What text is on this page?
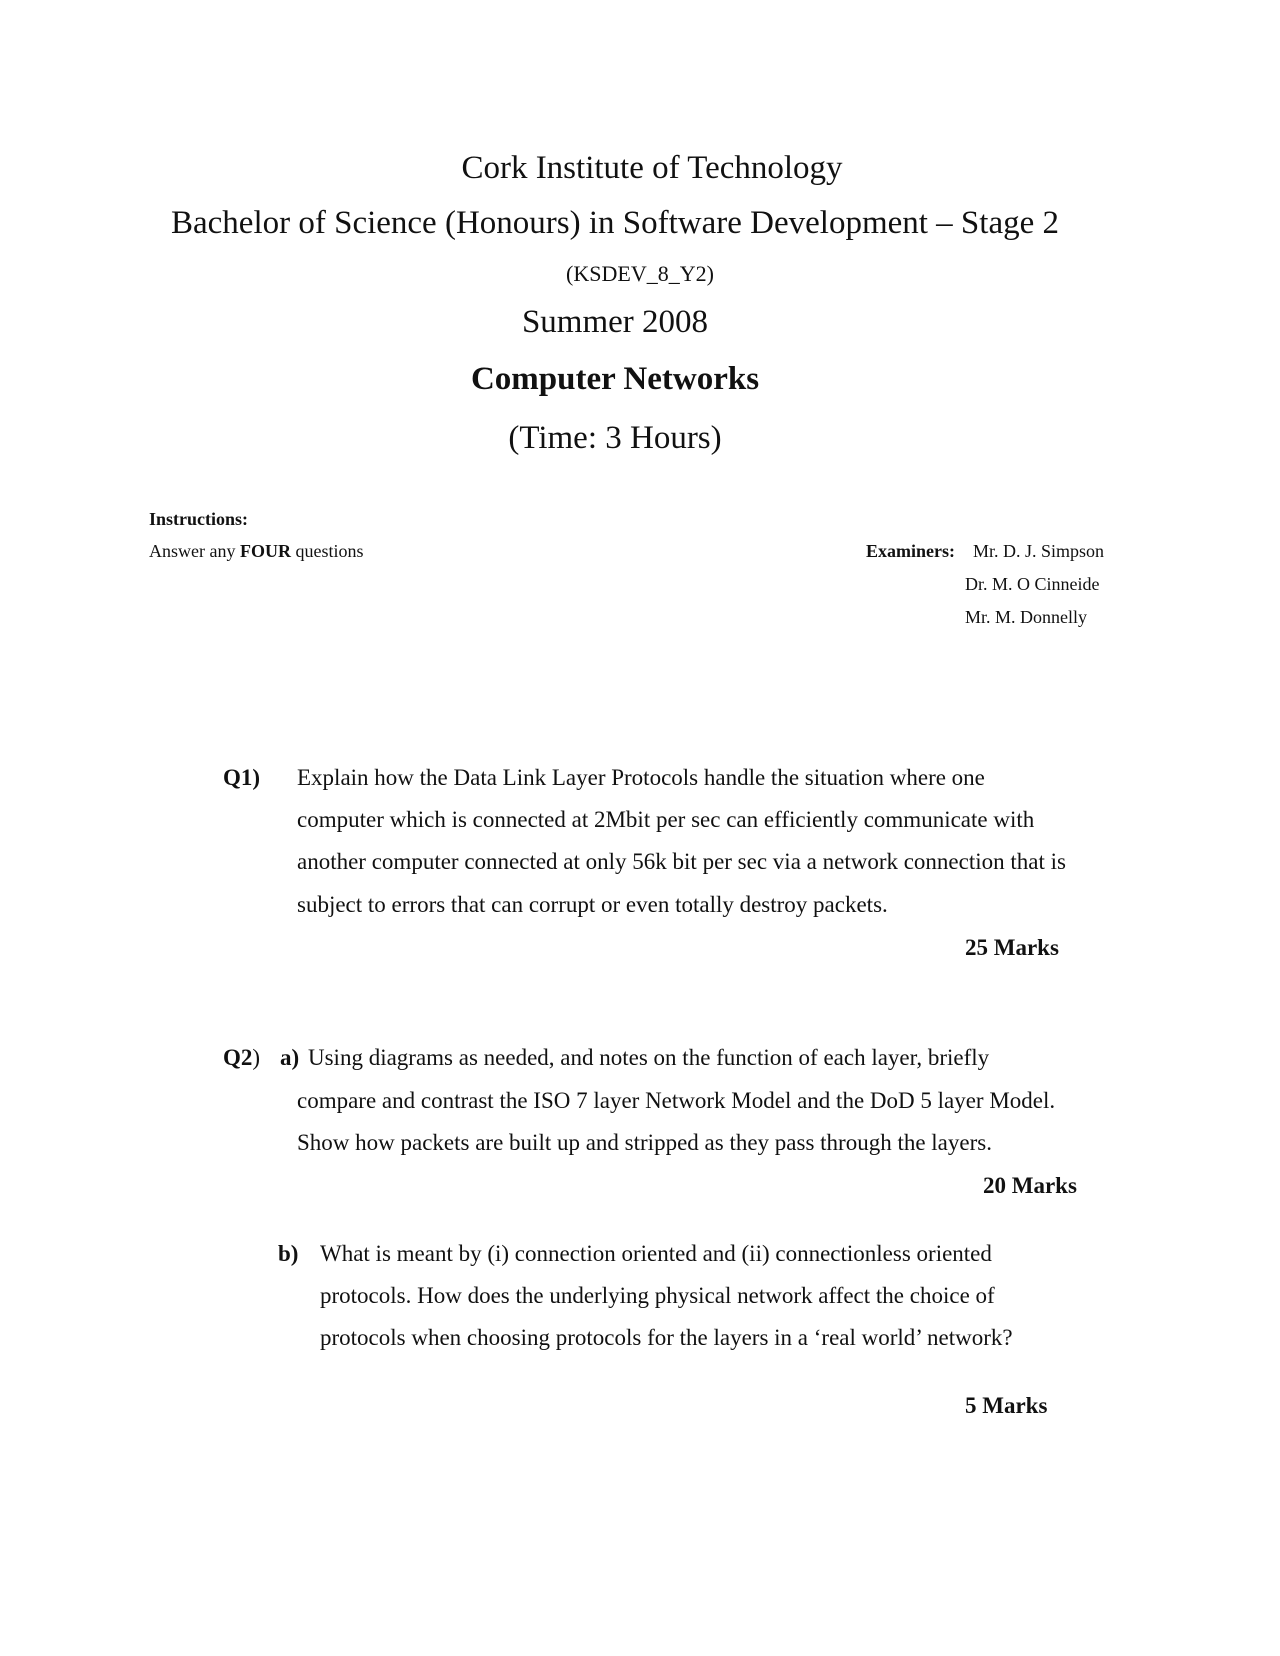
Cork Institute of Technology
Bachelor of Science (Honours) in Software Development – Stage 2
(KSDEV_8_Y2)
Summer 2008
Computer Networks
(Time: 3 Hours)
Instructions:
Answer any FOUR questions	Examiners: Mr. D. J. Simpson
Dr. M. O Cinneide
Mr. M. Donnelly
Q1) Explain how the Data Link Layer Protocols handle the situation where one
computer which is connected at 2Mbit per sec can efficiently communicate with
another computer connected at only 56k bit per sec via a network connection that is
subject to errors that can corrupt or even totally destroy packets.
25 Marks
Q2) a) Using diagrams as needed, and notes on the function of each layer, briefly
compare and contrast the ISO 7 layer Network Model and the DoD 5 layer Model.
Show how packets are built up and stripped as they pass through the layers.
20 Marks
b) What is meant by (i) connection oriented and (ii) connectionless oriented
protocols. How does the underlying physical network affect the choice of
protocols when choosing protocols for the layers in a ‘real world’ network?
5 Marks
